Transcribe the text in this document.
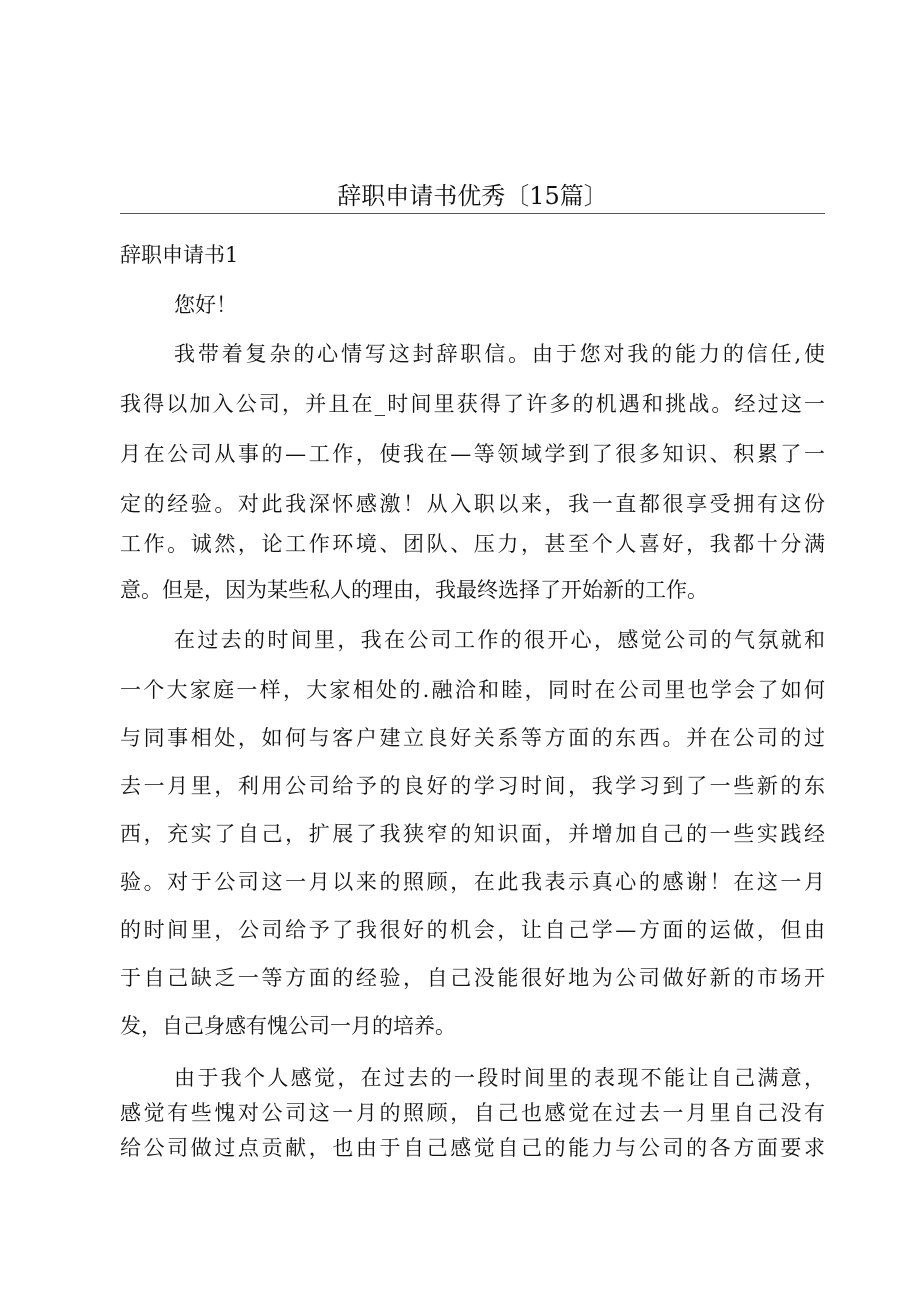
辞职申请书优秀〔15篇〕
辞职申请书1
您好！
我带着复杂的心情写这封辞职信。由于您对我的能力的信任,使
我得以加入公司，并且在_时间里获得了许多的机遇和挑战。经过这一
月在公司从事的—工作，使我在—等领域学到了很多知识、积累了一
定的经验。对此我深怀感激！从入职以来，我一直都很享受拥有这份
工作。诚然，论工作环境、团队、压力，甚至个人喜好，我都十分满
意。但是，因为某些私人的理由，我最终选择了开始新的工作。
在过去的时间里，我在公司工作的很开心，感觉公司的气氛就和
一个大家庭一样，大家相处的.融洽和睦，同时在公司里也学会了如何
与同事相处，如何与客户建立良好关系等方面的东西。并在公司的过
去一月里，利用公司给予的良好的学习时间，我学习到了一些新的东
西，充实了自己，扩展了我狭窄的知识面，并增加自己的一些实践经
验。对于公司这一月以来的照顾，在此我表示真心的感谢！在这一月
的时间里，公司给予了我很好的机会，让自己学—方面的运做，但由
于自己缺乏一等方面的经验，自己没能很好地为公司做好新的市场开
发，自己身感有愧公司一月的培养。
由于我个人感觉，在过去的一段时间里的表现不能让自己满意，
感觉有些愧对公司这一月的照顾，自己也感觉在过去一月里自己没有
给公司做过点贡献，也由于自己感觉自己的能力与公司的各方面要求
